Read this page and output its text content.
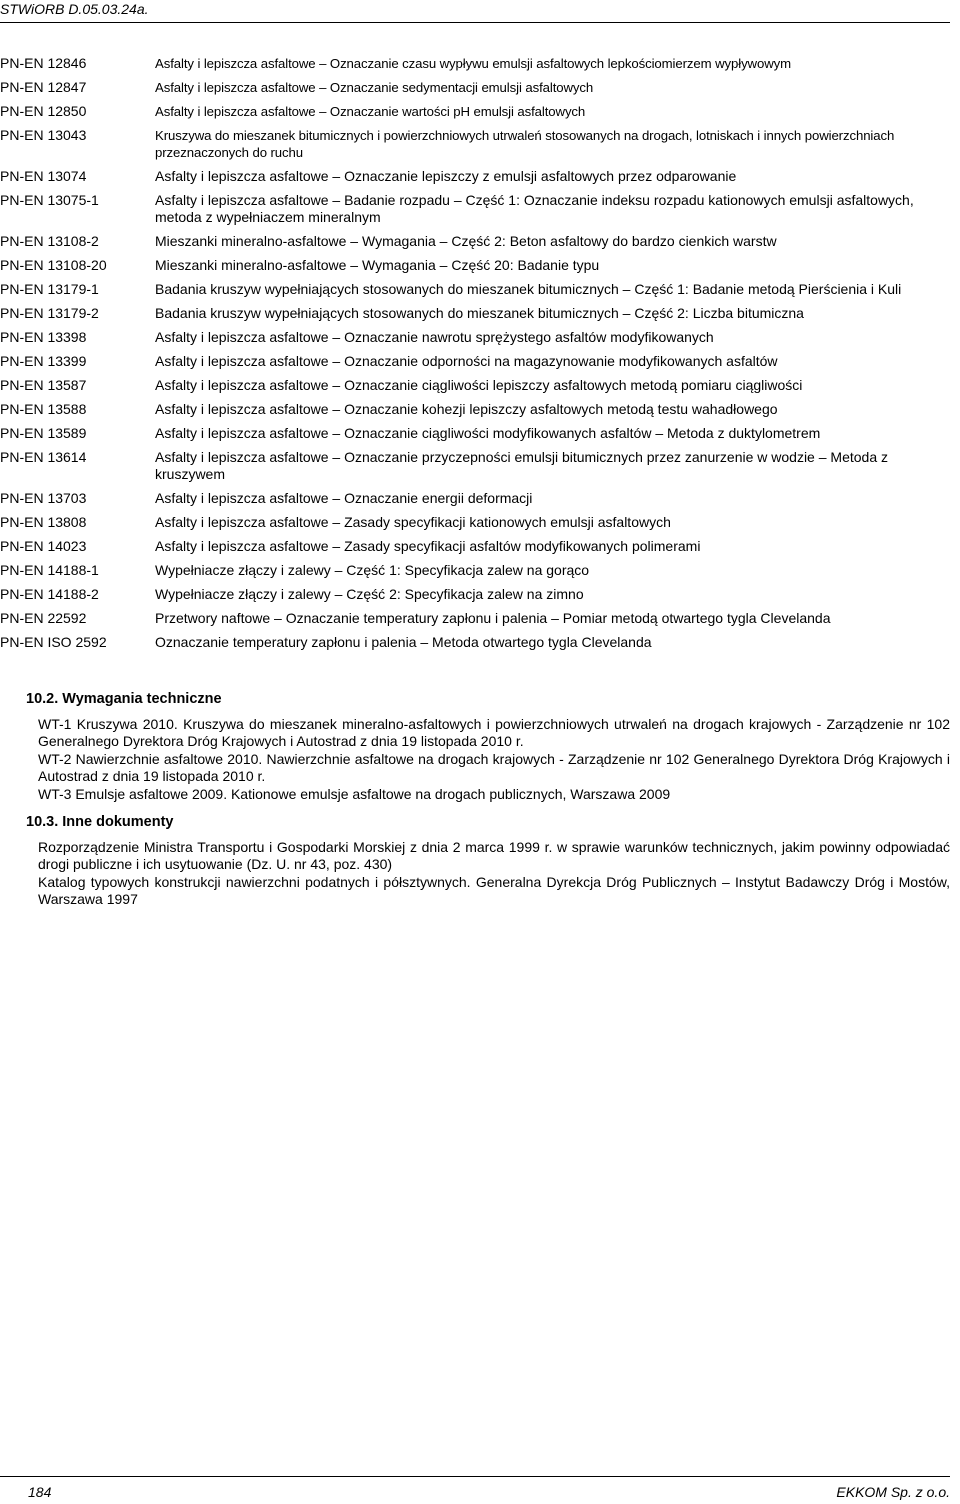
STWiORB D.05.03.24a.
PN-EN 12846	Asfalty i lepiszcza asfaltowe – Oznaczanie czasu wypływu emulsji asfaltowych lepkościomierzem wypływowym
PN-EN 12847	Asfalty i lepiszcza asfaltowe – Oznaczanie sedymentacji emulsji asfaltowych
PN-EN 12850	Asfalty i lepiszcza asfaltowe – Oznaczanie wartości pH emulsji asfaltowych
PN-EN 13043	Kruszywa do mieszanek bitumicznych i powierzchniowych utrwaleń stosowanych na drogach, lotniskach i innych powierzchniach przeznaczonych do ruchu
PN-EN 13074	Asfalty i lepiszcza asfaltowe – Oznaczanie lepiszczy z emulsji asfaltowych przez odparowanie
PN-EN 13075-1	Asfalty i lepiszcza asfaltowe – Badanie rozpadu – Część 1: Oznaczanie indeksu rozpadu kationowych emulsji asfaltowych, metoda z wypełniaczem mineralnym
PN-EN 13108-2	Mieszanki mineralno-asfaltowe – Wymagania – Część 2: Beton asfaltowy do bardzo cienkich warstw
PN-EN 13108-20	Mieszanki mineralno-asfaltowe – Wymagania – Część 20: Badanie typu
PN-EN 13179-1	Badania kruszyw wypełniających stosowanych do mieszanek bitumicznych – Część 1: Badanie metodą Pierścienia i Kuli
PN-EN 13179-2	Badania kruszyw wypełniających stosowanych do mieszanek bitumicznych – Część 2: Liczba bitumiczna
PN-EN 13398	Asfalty i lepiszcza asfaltowe – Oznaczanie nawrotu sprężystego asfaltów modyfikowanych
PN-EN 13399	Asfalty i lepiszcza asfaltowe – Oznaczanie odporności na magazynowanie modyfikowanych asfaltów
PN-EN 13587	Asfalty i lepiszcza asfaltowe – Oznaczanie ciągliwości lepiszczy asfaltowych metodą pomiaru ciągliwości
PN-EN 13588	Asfalty i lepiszcza asfaltowe – Oznaczanie kohezji lepiszczy asfaltowych metodą testu wahadłowego
PN-EN 13589	Asfalty i lepiszcza asfaltowe – Oznaczanie ciągliwości modyfikowanych asfaltów – Metoda z duktylometrem
PN-EN 13614	Asfalty i lepiszcza asfaltowe – Oznaczanie przyczepności emulsji bitumicznych przez zanurzenie w wodzie – Metoda z kruszywem
PN-EN 13703	Asfalty i lepiszcza asfaltowe – Oznaczanie energii deformacji
PN-EN 13808	Asfalty i lepiszcza asfaltowe – Zasady specyfikacji kationowych emulsji asfaltowych
PN-EN 14023	Asfalty i lepiszcza asfaltowe – Zasady specyfikacji asfaltów modyfikowanych polimerami
PN-EN 14188-1	Wypełniacze złączy i zalewy – Część 1: Specyfikacja zalew na gorąco
PN-EN 14188-2	Wypełniacze złączy i zalewy – Część 2: Specyfikacja zalew na zimno
PN-EN 22592	Przetwory naftowe – Oznaczanie temperatury zapłonu i palenia – Pomiar metodą otwartego tygla Clevelanda
PN-EN ISO 2592	Oznaczanie temperatury zapłonu i palenia – Metoda otwartego tygla Clevelanda
10.2. Wymagania techniczne

WT-1 Kruszywa 2010. Kruszywa do mieszanek mineralno-asfaltowych i powierzchniowych utrwaleń na drogach krajowych - Zarządzenie nr 102 Generalnego Dyrektora Dróg Krajowych i Autostrad z dnia 19 listopada 2010 r.

WT-2 Nawierzchnie asfaltowe 2010. Nawierzchnie asfaltowe na drogach krajowych - Zarządzenie nr 102 Generalnego Dyrektora Dróg Krajowych i Autostrad z dnia 19 listopada 2010 r.

WT-3 Emulsje asfaltowe 2009. Kationowe emulsje asfaltowe na drogach publicznych, Warszawa 2009

10.3. Inne dokumenty

Rozporządzenie Ministra Transportu i Gospodarki Morskiej z dnia 2 marca 1999 r. w sprawie warunków technicznych, jakim powinny odpowiadać drogi publiczne i ich usytuowanie (Dz. U. nr 43, poz. 430)

Katalog typowych konstrukcji nawierzchni podatnych i półsztywnych. Generalna Dyrekcja Dróg Publicznych – Instytut Badawczy Dróg i Mostów, Warszawa 1997

184	EKKOM Sp. z o.o.
